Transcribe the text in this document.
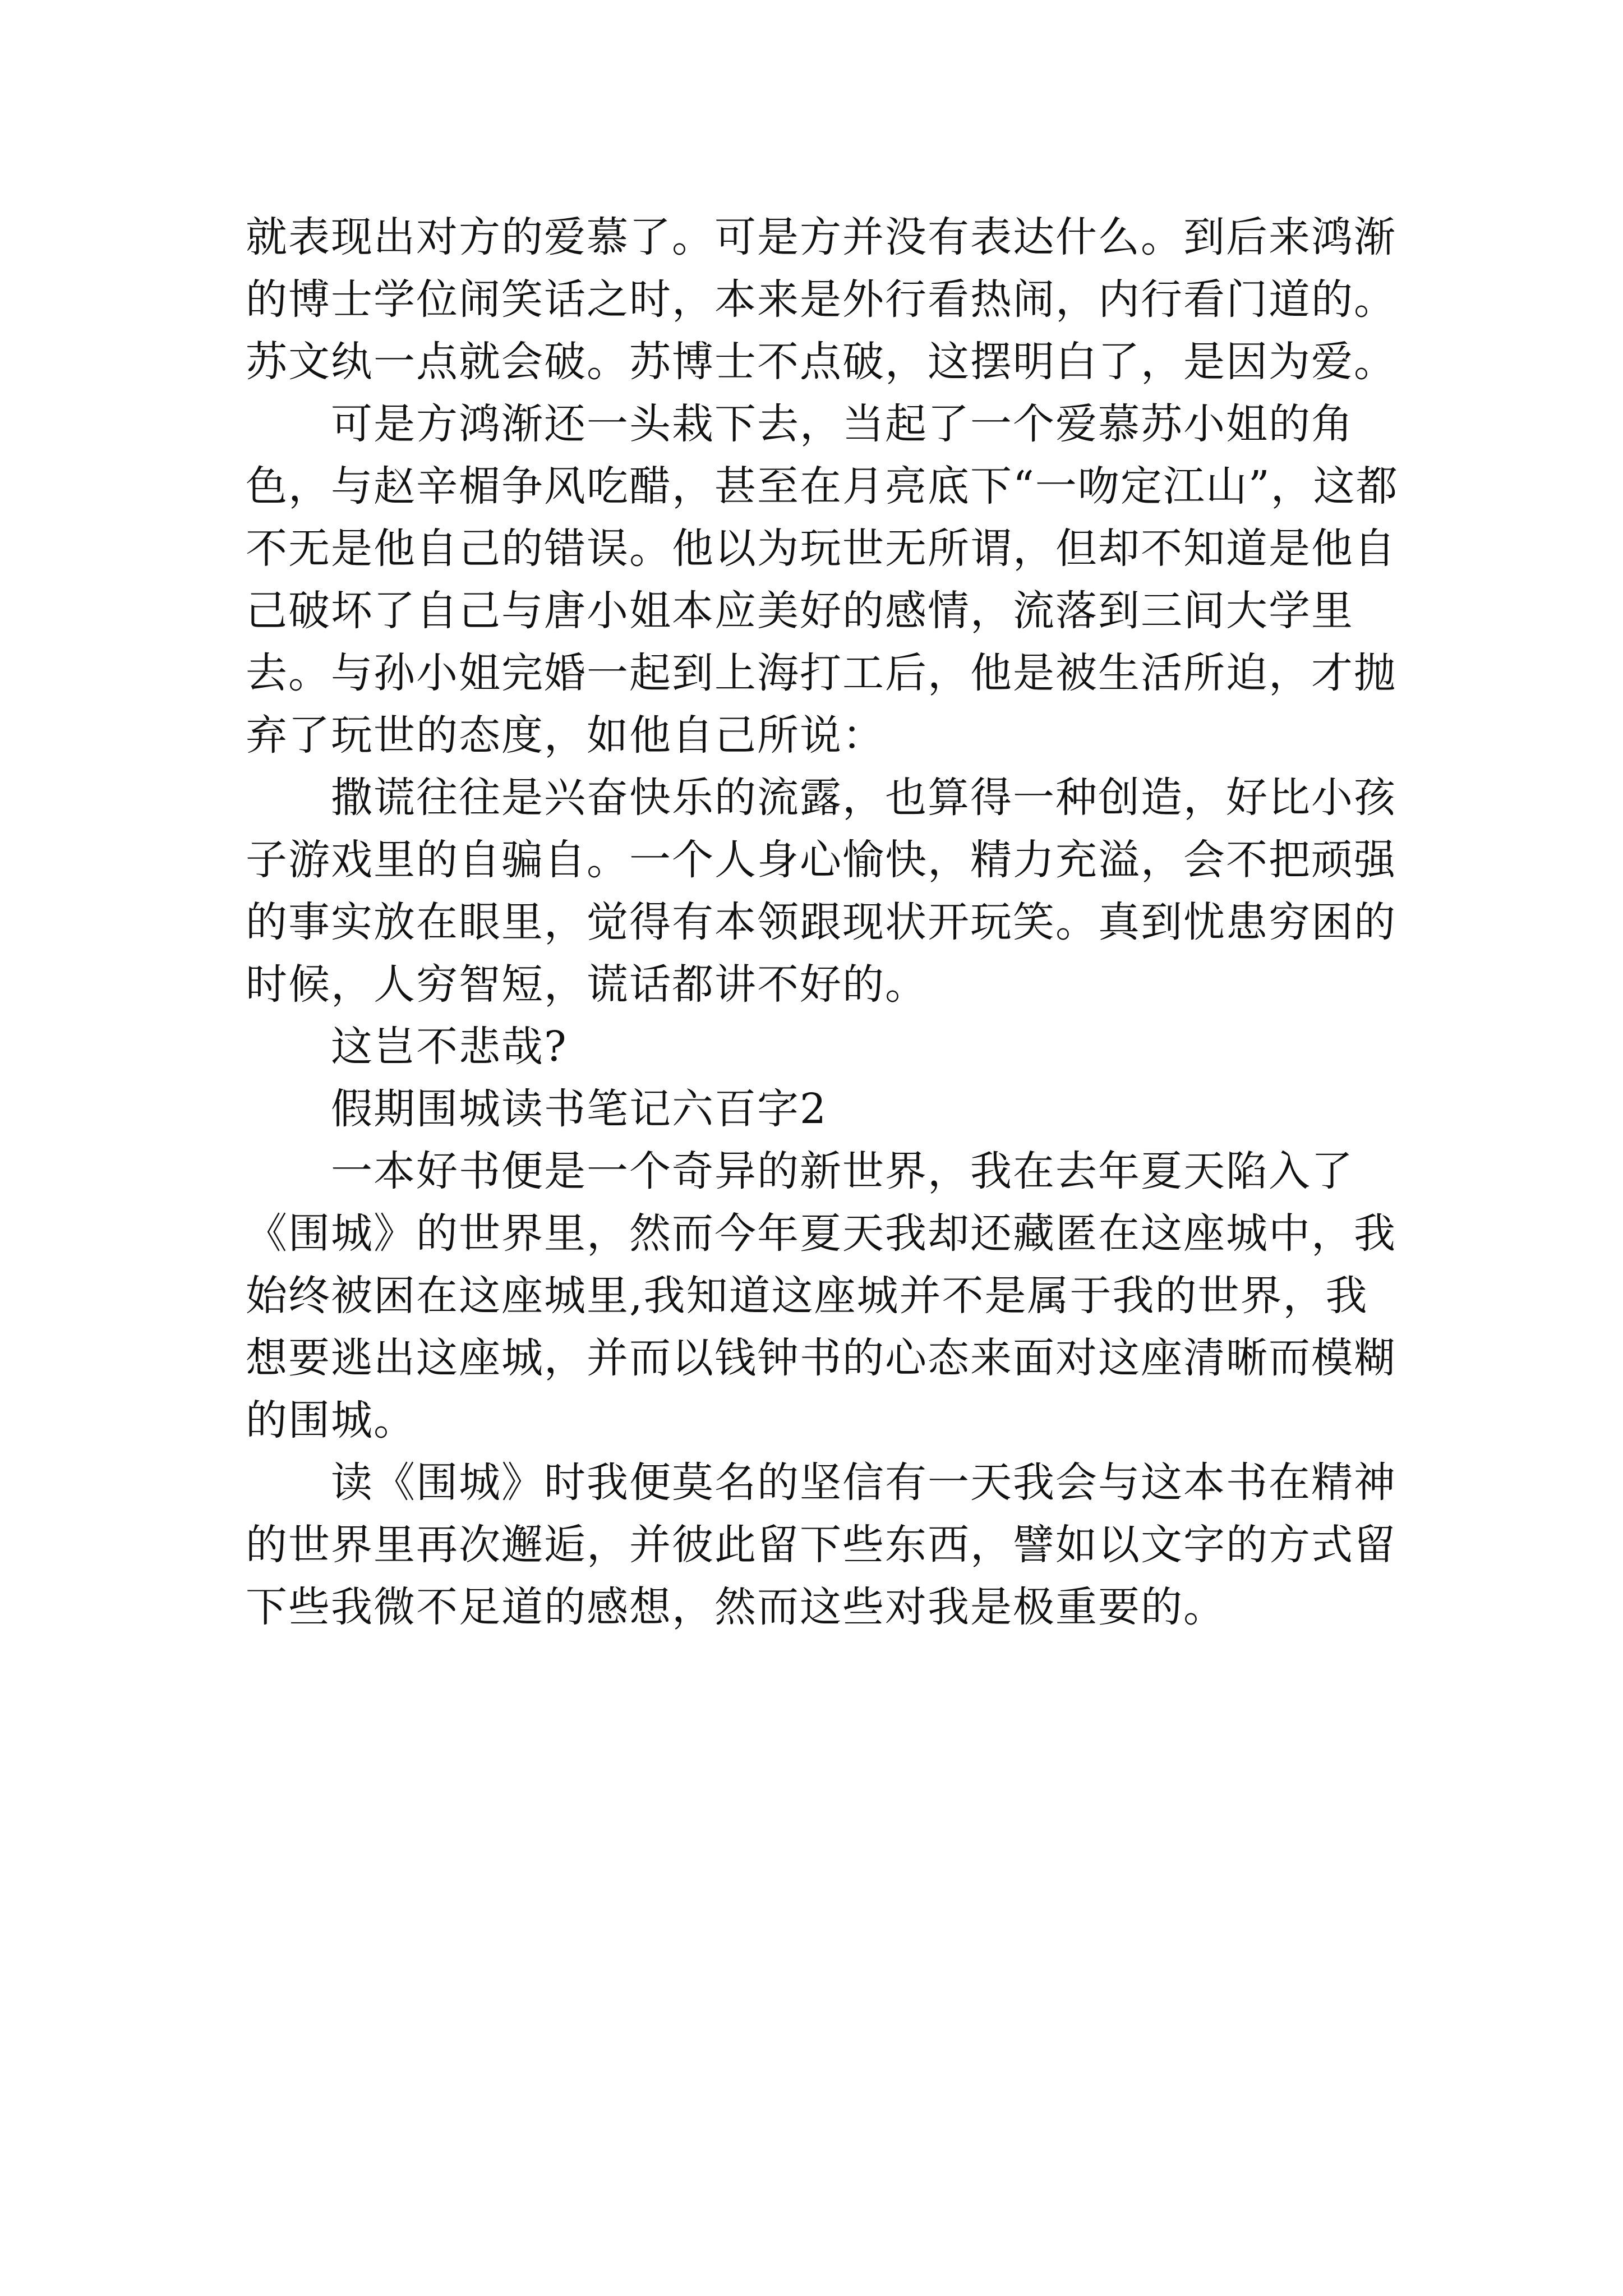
就表现出对方的爱慕了。可是方并没有表达什么。到后来鸿渐的博士学位闹笑话之时，本来是外行看热闹，内行看门道的。苏文纨一点就会破。苏博士不点破，这摆明白了，是因为爱。

可是方鸿渐还一头栽下去，当起了一个爱慕苏小姐的角色，与赵辛楣争风吃醋，甚至在月亮底下“一吻定江山”，这都不无是他自己的错误。他以为玩世无所谓，但却不知道是他自己破坏了自己与唐小姐本应美好的感情，流落到三间大学里去。与孙小姐完婚一起到上海打工后，他是被生活所迫，才抛弃了玩世的态度，如他自己所说：

撒谎往往是兴奋快乐的流露，也算得一种创造，好比小孩子游戏里的自骗自。一个人身心愉快，精力充溢，会不把顽强的事实放在眼里，觉得有本领跟现状开玩笑。真到忧患穷困的时候，人穷智短，谎话都讲不好的。

这岂不悲哉?

假期围城读书笔记六百字2

一本好书便是一个奇异的新世界，我在去年夏天陷入了《围城》的世界里，然而今年夏天我却还藏匿在这座城中，我始终被困在这座城里,我知道这座城并不是属于我的世界，我想要逃出这座城，并而以钱钟书的心态来面对这座清晰而模糊的围城。

读《围城》时我便莫名的坚信有一天我会与这本书在精神的世界里再次邂逅，并彼此留下些东西，譬如以文字的方式留下些我微不足道的感想，然而这些对我是极重要的。
